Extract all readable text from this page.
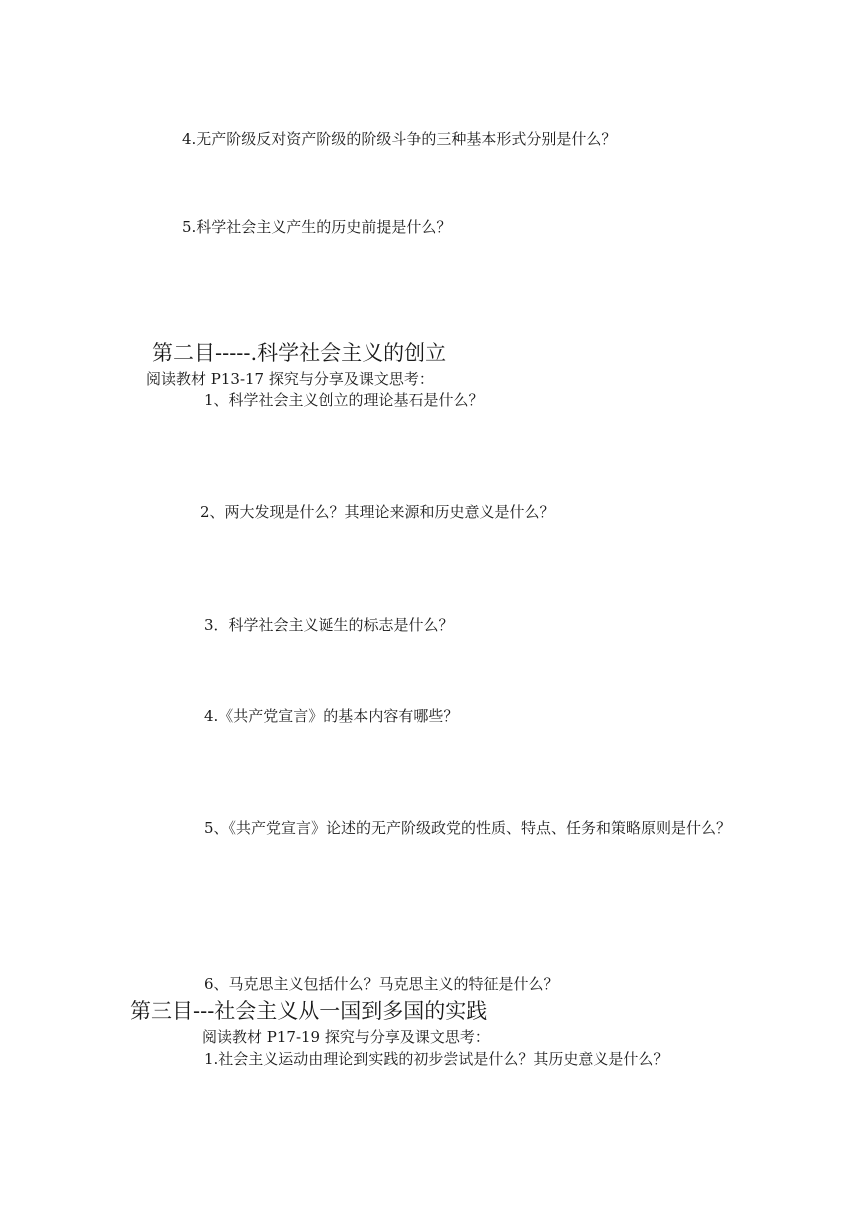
4.无产阶级反对资产阶级的阶级斗争的三种基本形式分别是什么？
5.科学社会主义产生的历史前提是什么？
第二目-----.科学社会主义的创立
阅读教材 P13-17 探究与分享及课文思考：
1、科学社会主义创立的理论基石是什么？
2、两大发现是什么？其理论来源和历史意义是什么？
3．科学社会主义诞生的标志是什么？
4.《共产党宣言》的基本内容有哪些？
5、《共产党宣言》论述的无产阶级政党的性质、特点、任务和策略原则是什么？
6、马克思主义包括什么？马克思主义的特征是什么？
第三目---社会主义从一国到多国的实践
阅读教材 P17-19 探究与分享及课文思考：
1.社会主义运动由理论到实践的初步尝试是什么？其历史意义是什么？
